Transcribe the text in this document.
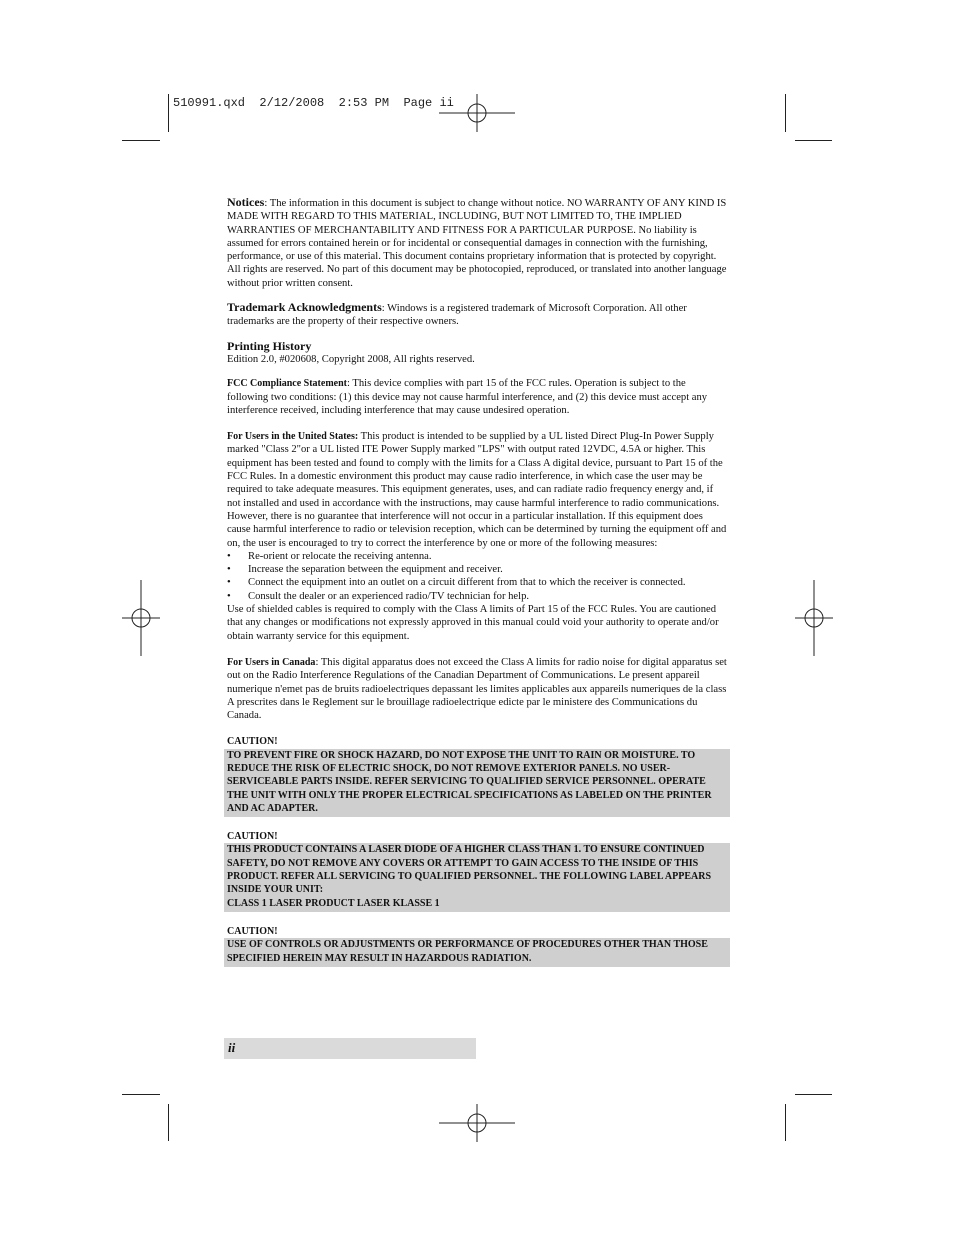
510991.qxd  2/12/2008  2:53 PM  Page ii

Notices: The information in this document is subject to change without notice. NO WARRANTY OF ANY KIND IS MADE WITH REGARD TO THIS MATERIAL, INCLUDING, BUT NOT LIMITED TO, THE IMPLIED WARRANTIES OF MERCHANTABILITY AND FITNESS FOR A PARTICULAR PURPOSE. No liability is assumed for errors contained herein or for incidental or consequential damages in connection with the furnishing, performance, or use of this material. This document contains proprietary information that is protected by copyright. All rights are reserved. No part of this document may be photocopied, reproduced, or translated into another language without prior written consent.

Trademark Acknowledgments: Windows is a registered trademark of Microsoft Corporation. All other trademarks are the property of their respective owners.

Printing History

Edition 2.0, #020608, Copyright 2008, All rights reserved.

FCC Compliance Statement: This device complies with part 15 of the FCC rules. Operation is subject to the following two conditions: (1) this device may not cause harmful interference, and (2) this device must accept any interference received, including interference that may cause undesired operation.

For Users in the United States: This product is intended to be supplied by a UL listed Direct Plug-In Power Supply marked "Class 2"or a UL listed ITE Power Supply marked "LPS" with output rated 12VDC, 4.5A or higher. This equipment has been tested and found to comply with the limits for a Class A digital device, pursuant to Part 15 of the FCC Rules. In a domestic environment this product may cause radio interference, in which case the user may be required to take adequate measures. This equipment generates, uses, and can radiate radio frequency energy and, if not installed and used in accordance with the instructions, may cause harmful interference to radio communications. However, there is no guarantee that interference will not occur in a particular installation. If this equipment does cause harmful interference to radio or television reception, which can be determined by turning the equipment off and on, the user is encouraged to try to correct the interference by one or more of the following measures:

• Re-orient or relocate the receiving antenna.
• Increase the separation between the equipment and receiver.
• Connect the equipment into an outlet on a circuit different from that to which the receiver is connected.
• Consult the dealer or an experienced radio/TV technician for help.

Use of shielded cables is required to comply with the Class A limits of Part 15 of the FCC Rules. You are cautioned that any changes or modifications not expressly approved in this manual could void your authority to operate and/or obtain warranty service for this equipment.

For Users in Canada: This digital apparatus does not exceed the Class A limits for radio noise for digital apparatus set out on the Radio Interference Regulations of the Canadian Department of Communications. Le present appareil numerique n'emet pas de bruits radioelectriques depassant les limites applicables aux appareils numeriques de la class A prescrites dans le Reglement sur le brouillage radioelectrique edicte par le ministere des Communications du Canada.

CAUTION!

TO PREVENT FIRE OR SHOCK HAZARD, DO NOT EXPOSE THE UNIT TO RAIN OR MOISTURE. TO REDUCE THE RISK OF ELECTRIC SHOCK, DO NOT REMOVE EXTERIOR PANELS. NO USER-SERVICEABLE PARTS INSIDE. REFER SERVICING TO QUALIFIED SERVICE PERSONNEL. OPERATE THE UNIT WITH ONLY THE PROPER ELECTRICAL SPECIFICATIONS AS LABELED ON THE PRINTER AND AC ADAPTER.

CAUTION!

THIS PRODUCT CONTAINS A LASER DIODE OF A HIGHER CLASS THAN 1. TO ENSURE CONTINUED SAFETY, DO NOT REMOVE ANY COVERS OR ATTEMPT TO GAIN ACCESS TO THE INSIDE OF THIS PRODUCT. REFER ALL SERVICING TO QUALIFIED PERSONNEL. THE FOLLOWING LABEL APPEARS INSIDE YOUR UNIT:
CLASS 1 LASER PRODUCT LASER KLASSE 1

CAUTION!

USE OF CONTROLS OR ADJUSTMENTS OR PERFORMANCE OF PROCEDURES OTHER THAN THOSE SPECIFIED HEREIN MAY RESULT IN HAZARDOUS RADIATION.
ii
